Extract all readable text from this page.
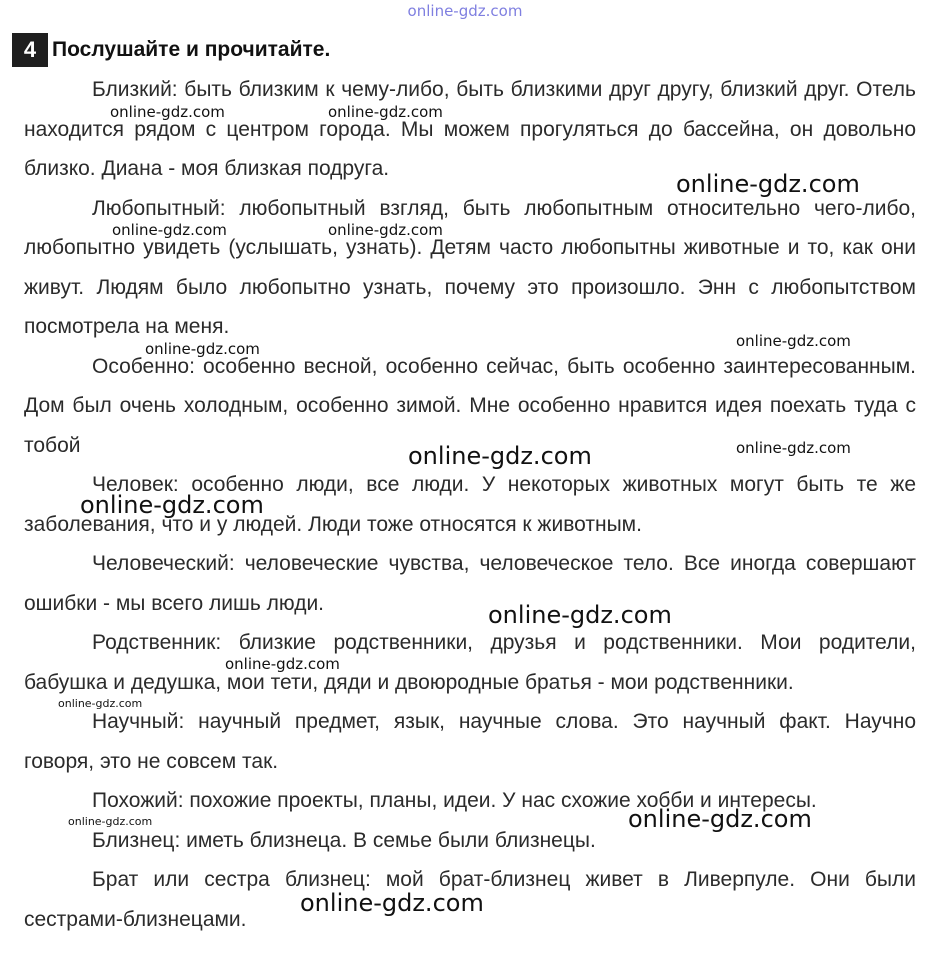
online-gdz.com
4 Послушайте и прочитайте.

Близкий: быть близким к чему-либо, быть близкими друг другу, близкий друг. Отель находится рядом с центром города. Мы можем прогуляться до бассейна, он довольно близко. Диана - моя близкая подруга.

Любопытный: любопытный взгляд, быть любопытным относительно чего-либо, любопытно увидеть (услышать, узнать). Детям часто любопытны животные и то, как они живут. Людям было любопытно узнать, почему это произошло. Энн с любопытством посмотрела на меня.

Особенно: особенно весной, особенно сейчас, быть особенно заинтересованным. Дом был очень холодным, особенно зимой. Мне особенно нравится идея поехать туда с тобой

Человек: особенно люди, все люди. У некоторых животных могут быть те же заболевания, что и у людей. Люди тоже относятся к животным.

Человеческий: человеческие чувства, человеческое тело. Все иногда совершают ошибки - мы всего лишь люди.

Родственник: близкие родственники, друзья и родственники. Мои родители, бабушка и дедушка, мои тети, дяди и двоюродные братья - мои родственники.

Научный: научный предмет, язык, научные слова. Это научный факт. Научно говоря, это не совсем так.

Похожий: похожие проекты, планы, идеи. У нас схожие хобби и интересы.

Близнец: иметь близнеца. В семье были близнецы.

Брат или сестра близнец: мой брат-близнец живет в Ливерпуле. Они были сестрами-близнецами.

online-gdz.com	online-gdz.com
online-gdz.com
online-gdz.com	online-gdz.com
online-gdz.com
online-gdz.com
online-gdz.com
online-gdz.com
online-gdz.com
online-gdz.com
online-gdz.com
online-gdz.com
online-gdz.com	online-gdz.com
online-gdz.com
